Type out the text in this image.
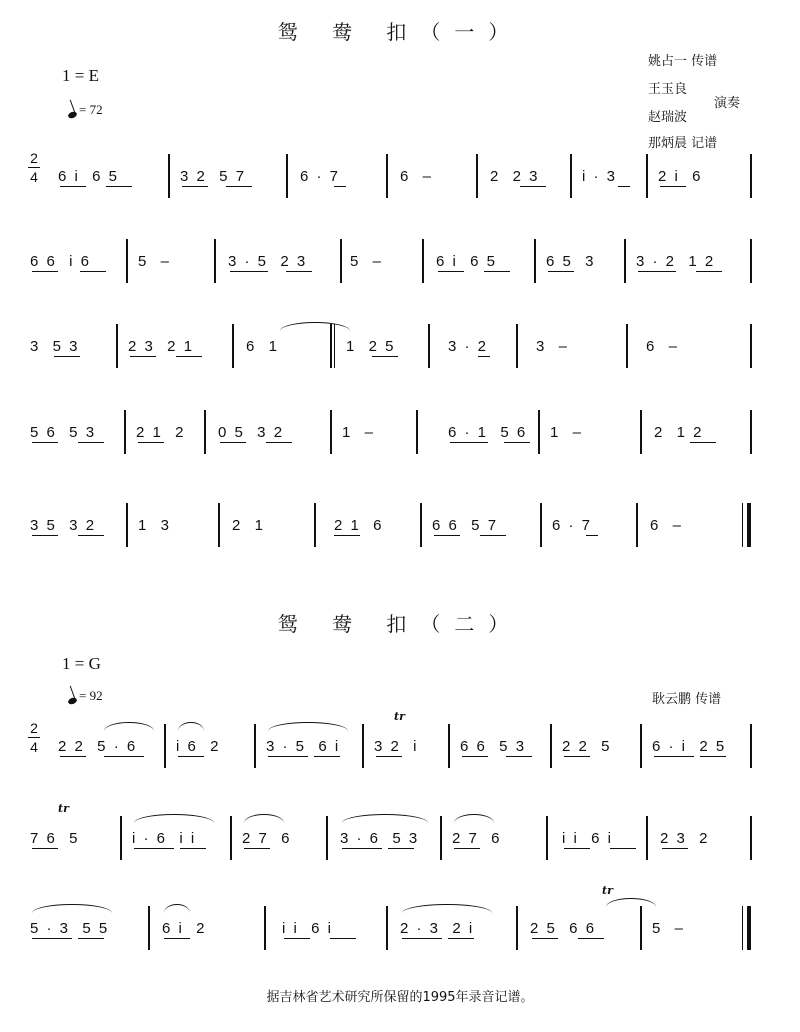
鸳 鸯 扣（一）
1 = E
= 72
姚占一 传谱
王玉良
赵瑞波
演奏
那炳晨 记谱
2
4 6 i  6 5	3 2  5 7	6 · 7	6  –	2  2 3	i · 3	2 i  6
6 6  i 6	5  –	3 · 5  2 3	5  –	6 i  6 5	6 5  3	3 · 2  1 2
3  5 3	2 3  2 1	6  1	1  2 5	3 · 2	3  –	6  –
5 6  5 3	2 1  2 0 5  3 2	1  –	6 · 1  5 6 1  –	2  1 2
3 5  3 2	1  3	2  1	2 1  6	6 6  5 7	6 · 7	6  –
鸳 鸯 扣（二）
1 = G
= 92	耿云鹏 传谱
2
4 2 2  5 · 6	i 6  2	3 · 5  6 i 3 2  i	6 6  5 3 2 2  5	6 · i  2 5
tr
7 6  5	i · 6  i i	2 7  6	3 · 6  5 3 2 7  6	i i  6 i	2 3  2
tr
5 · 3  5 5	6 i  2	i i  6 i	2 · 3  2 i	2 5  6 6	5  –
tr
据吉林省艺术研究所保留的1995年录音记谱。
